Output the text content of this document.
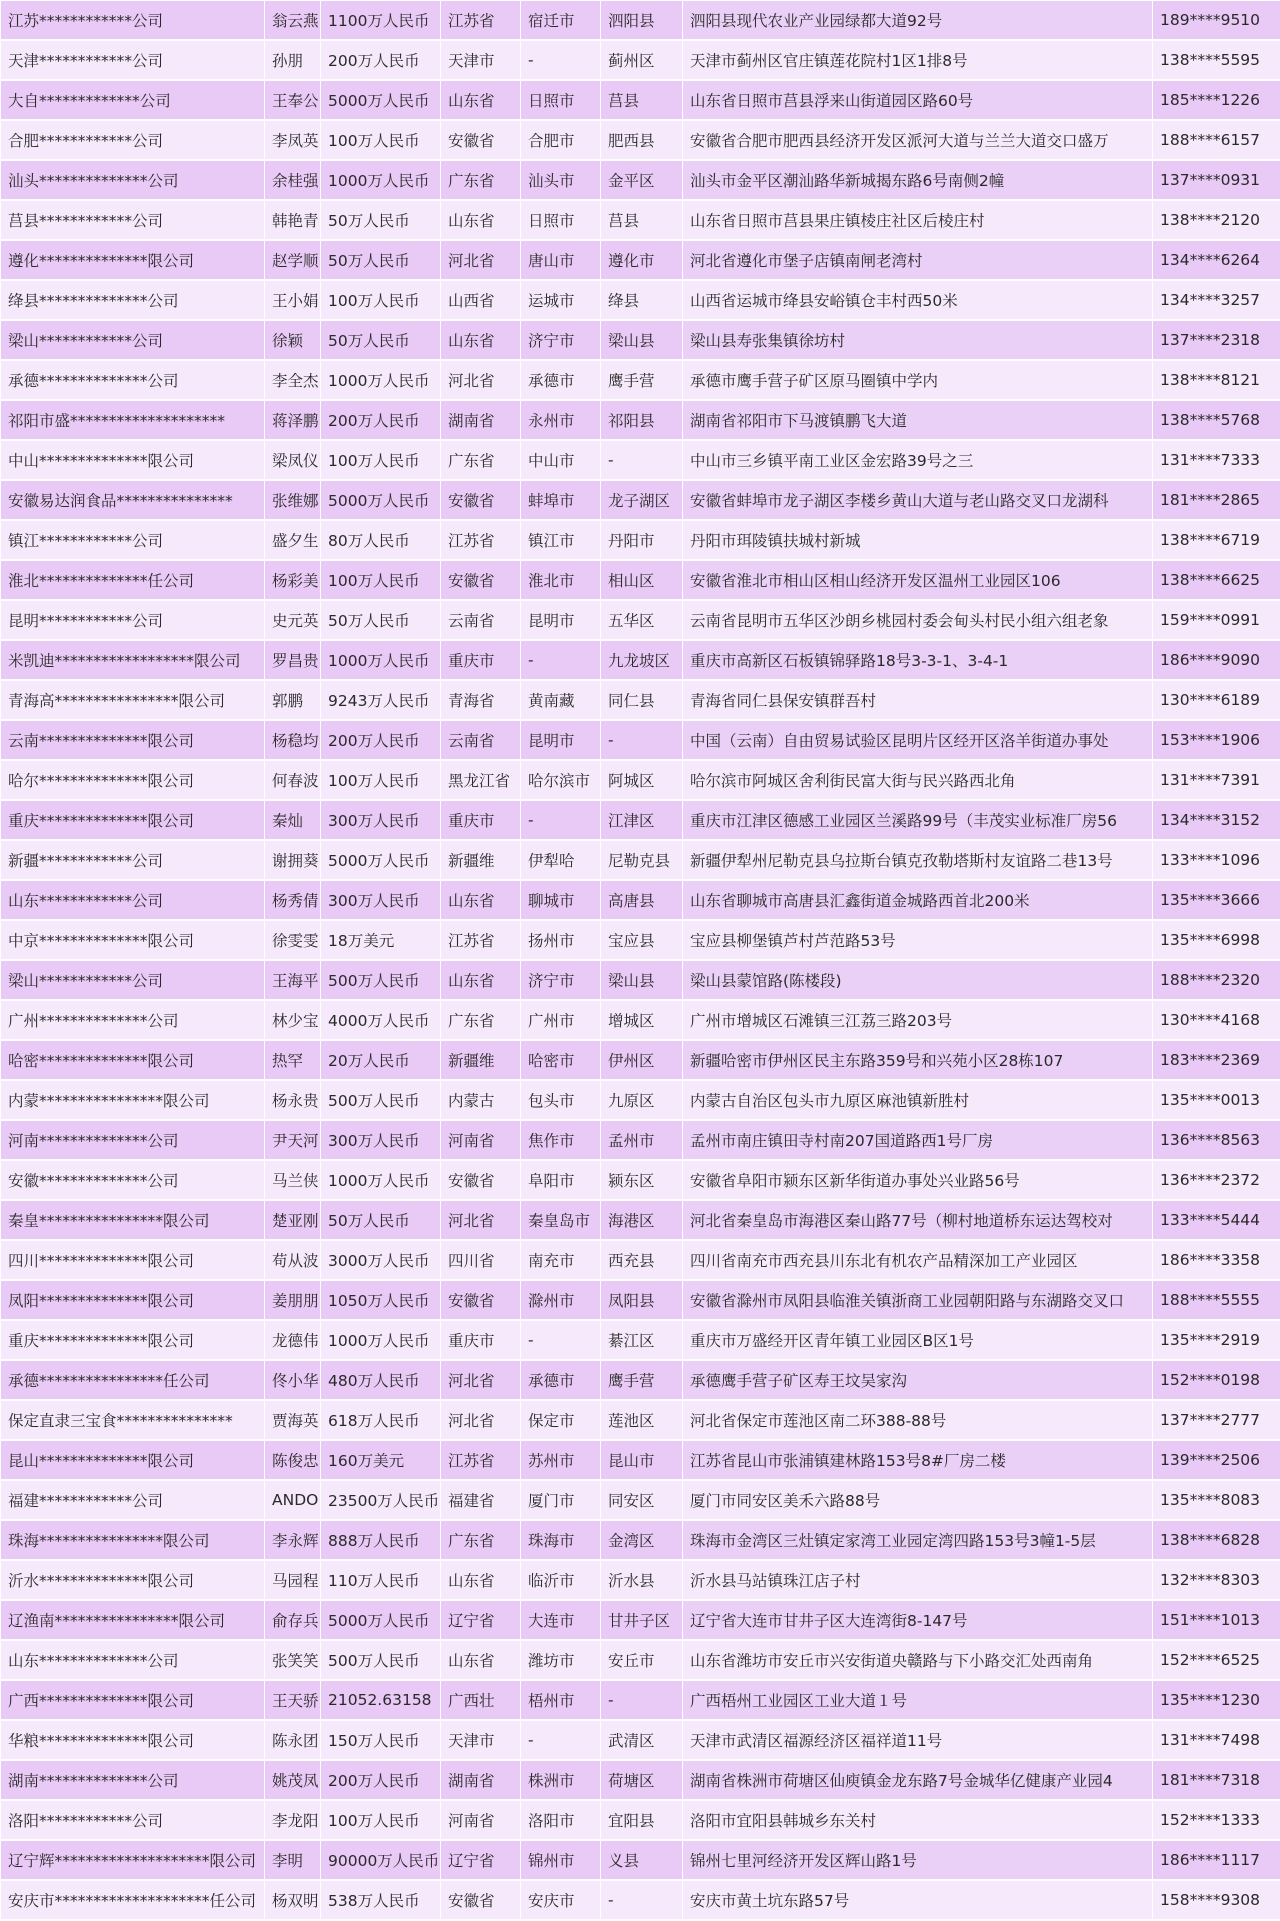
江苏************公司	翁云燕	1100万人民币	江苏省	宿迁市	泗阳县	泗阳县现代农业产业园绿都大道92号	189****9510
天津************公司	孙朋	200万人民币	天津市	-	蓟州区	天津市蓟州区官庄镇莲花院村1区1排8号	138****5595
大自*************公司	王奉公	5000万人民币	山东省	日照市	莒县	山东省日照市莒县浮来山街道园区路60号	185****1226
合肥************公司	李凤英	100万人民币	安徽省	合肥市	肥西县	安徽省合肥市肥西县经济开发区派河大道与兰兰大道交口盛万	188****6157
汕头**************公司	余桂强	1000万人民币	广东省	汕头市	金平区	汕头市金平区潮汕路华新城揭东路6号南侧2幢	137****0931
莒县************公司	韩艳青	50万人民币	山东省	日照市	莒县	山东省日照市莒县果庄镇棱庄社区后棱庄村	138****2120
遵化**************限公司	赵学顺	50万人民币	河北省	唐山市	遵化市	河北省遵化市堡子店镇南闸老湾村	134****6264
绛县**************公司	王小娟	100万人民币	山西省	运城市	绛县	山西省运城市绛县安峪镇仓丰村西50米	134****3257
梁山************公司	徐颖	50万人民币	山东省	济宁市	梁山县	梁山县寿张集镇徐坊村	137****2318
承德**************公司	李全杰	1000万人民币	河北省	承德市	鹰手营	承德市鹰手营子矿区原马圈镇中学内	138****8121
祁阳市盛********************	蒋泽鹏	200万人民币	湖南省	永州市	祁阳县	湖南省祁阳市下马渡镇鹏飞大道	138****5768
中山**************限公司	梁凤仪	100万人民币	广东省	中山市	-	中山市三乡镇平南工业区金宏路39号之三	131****7333
安徽易达润食品***************	张维娜	5000万人民币	安徽省	蚌埠市	龙子湖区	安徽省蚌埠市龙子湖区李楼乡黄山大道与老山路交叉口龙湖科	181****2865
镇江************公司	盛夕生	80万人民币	江苏省	镇江市	丹阳市	丹阳市珥陵镇扶城村新城	138****6719
淮北**************任公司	杨彩美	100万人民币	安徽省	淮北市	相山区	安徽省淮北市相山区相山经济开发区温州工业园区106	138****6625
昆明************公司	史元英	50万人民币	云南省	昆明市	五华区	云南省昆明市五华区沙朗乡桃园村委会甸头村民小组六组老象	159****0991
米凯迪******************限公司	罗昌贵	1000万人民币	重庆市	-	九龙坡区	重庆市高新区石板镇锦驿路18号3-3-1、3-4-1	186****9090
青海高****************限公司	郭鹏	9243万人民币	青海省	黄南藏	同仁县	青海省同仁县保安镇群吾村	130****6189
云南**************限公司	杨稳均	200万人民币	云南省	昆明市	-	中国（云南）自由贸易试验区昆明片区经开区洛羊街道办事处	153****1906
哈尔**************限公司	何春波	100万人民币	黑龙江省	哈尔滨市	阿城区	哈尔滨市阿城区舍利街民富大街与民兴路西北角	131****7391
重庆**************限公司	秦灿	300万人民币	重庆市	-	江津区	重庆市江津区德感工业园区兰溪路99号（丰茂实业标准厂房56	134****3152
新疆************公司	谢拥葵	5000万人民币	新疆维	伊犁哈	尼勒克县	新疆伊犁州尼勒克县乌拉斯台镇克孜勒塔斯村友谊路二巷13号	133****1096
山东************公司	杨秀倩	300万人民币	山东省	聊城市	高唐县	山东省聊城市高唐县汇鑫街道金城路西首北200米	135****3666
中京**************限公司	徐雯雯	18万美元	江苏省	扬州市	宝应县	宝应县柳堡镇芦村芦范路53号	135****6998
梁山************公司	王海平	500万人民币	山东省	济宁市	梁山县	梁山县蒙馆路(陈楼段)	188****2320
广州**************公司	林少宝	4000万人民币	广东省	广州市	增城区	广州市增城区石滩镇三江荔三路203号	130****4168
哈密**************限公司	热罕	20万人民币	新疆维	哈密市	伊州区	新疆哈密市伊州区民主东路359号和兴苑小区28栋107	183****2369
内蒙****************限公司	杨永贵	500万人民币	内蒙古	包头市	九原区	内蒙古自治区包头市九原区麻池镇新胜村	135****0013
河南**************公司	尹天河	300万人民币	河南省	焦作市	孟州市	孟州市南庄镇田寺村南207国道路西1号厂房	136****8563
安徽**************公司	马兰侠	1000万人民币	安徽省	阜阳市	颍东区	安徽省阜阳市颍东区新华街道办事处兴业路56号	136****2372
秦皇****************限公司	楚亚刚	50万人民币	河北省	秦皇岛市	海港区	河北省秦皇岛市海港区秦山路77号（柳村地道桥东运达驾校对	133****5444
四川**************限公司	苟从波	3000万人民币	四川省	南充市	西充县	四川省南充市西充县川东北有机农产品精深加工产业园区	186****3358
凤阳**************限公司	姜朋朋	1050万人民币	安徽省	滁州市	凤阳县	安徽省滁州市凤阳县临淮关镇浙商工业园朝阳路与东湖路交叉口	188****5555
重庆**************限公司	龙德伟	1000万人民币	重庆市	-	綦江区	重庆市万盛经开区青年镇工业园区B区1号	135****2919
承德****************任公司	佟小华	480万人民币	河北省	承德市	鹰手营	承德鹰手营子矿区寿王坟吴家沟	152****0198
保定直隶三宝食***************	贾海英	618万人民币	河北省	保定市	莲池区	河北省保定市莲池区南二环388-88号	137****2777
昆山**************限公司	陈俊忠	160万美元	江苏省	苏州市	昆山市	江苏省昆山市张浦镇建林路153号8#厂房二楼	139****2506
福建************公司	ANDO	23500万人民币	福建省	厦门市	同安区	厦门市同安区美禾六路88号	135****8083
珠海****************限公司	李永辉	888万人民币	广东省	珠海市	金湾区	珠海市金湾区三灶镇定家湾工业园定湾四路153号3幢1-5层	138****6828
沂水**************限公司	马园程	110万人民币	山东省	临沂市	沂水县	沂水县马站镇珠江店子村	132****8303
辽渔南****************限公司	俞存兵	5000万人民币	辽宁省	大连市	甘井子区	辽宁省大连市甘井子区大连湾街8-147号	151****1013
山东**************公司	张笑笑	500万人民币	山东省	潍坊市	安丘市	山东省潍坊市安丘市兴安街道央赣路与下小路交汇处西南角	152****6525
广西**************限公司	王天骄	21052.63158	广西壮	梧州市	-	广西梧州工业园区工业大道１号	135****1230
华粮**************限公司	陈永团	150万人民币	天津市	-	武清区	天津市武清区福源经济区福祥道11号	131****7498
湖南**************公司	姚茂凤	200万人民币	湖南省	株洲市	荷塘区	湖南省株洲市荷塘区仙庾镇金龙东路7号金城华亿健康产业园4	181****7318
洛阳************公司	李龙阳	100万人民币	河南省	洛阳市	宜阳县	洛阳市宜阳县韩城乡东关村	152****1333
辽宁辉********************限公司	李明	90000万人民币	辽宁省	锦州市	义县	锦州七里河经济开发区辉山路1号	186****1117
安庆市********************任公司	杨双明	538万人民币	安徽省	安庆市	-	安庆市黄土坑东路57号	158****9308
